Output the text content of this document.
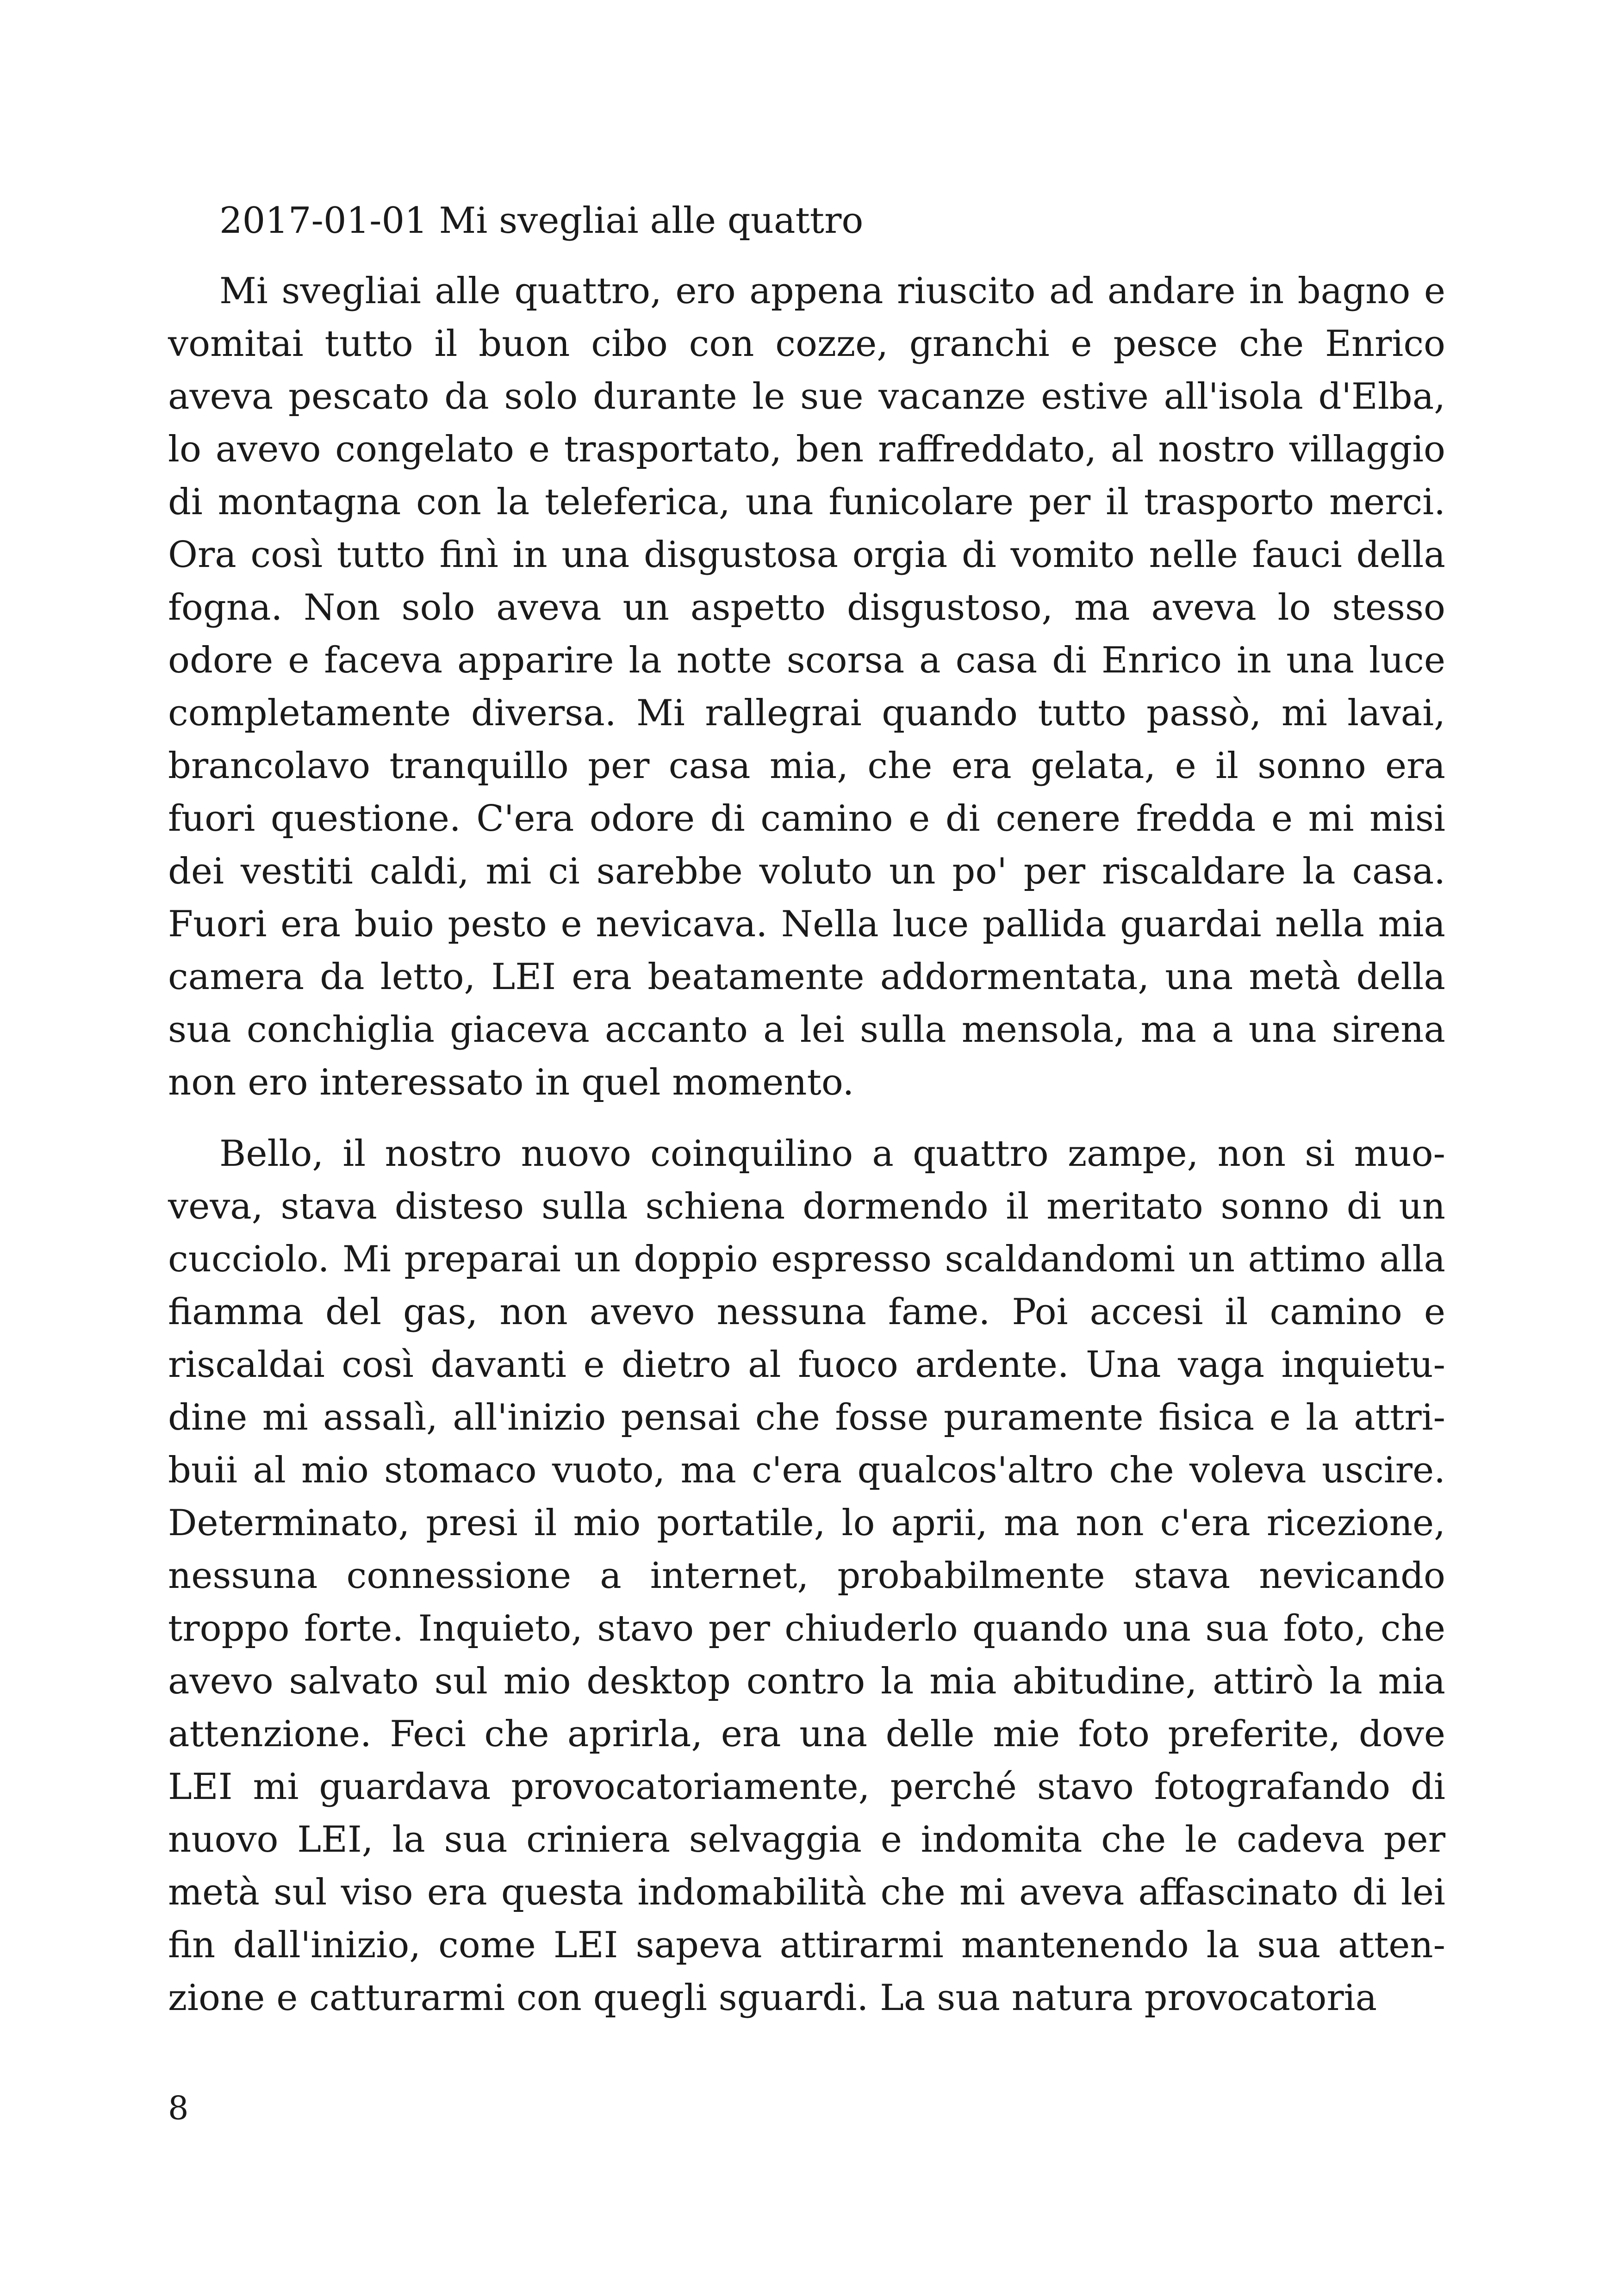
2017-01-01 Mi svegliai alle quattro

Mi svegliai alle quattro, ero appena riuscito ad andare in bagno e vomitai tutto il buon cibo con cozze, granchi e pesce che Enrico aveva pescato da solo durante le sue vacanze estive all'isola d'Elba, lo avevo congelato e trasportato, ben raffreddato, al nostro villaggio di montagna con la teleferica, una funicolare per il trasporto merci. Ora così tutto finì in una disgustosa orgia di vomito nelle fauci della fogna. Non solo aveva un aspetto disgustoso, ma aveva lo stesso odore e faceva apparire la notte scorsa a casa di Enrico in una luce completamente diversa. Mi rallegrai quando tutto passò, mi lavai, brancolavo tranquillo per casa mia, che era gelata, e il sonno era fuori questione. C'era odore di camino e di cenere fredda e mi misi dei vestiti caldi, mi ci sarebbe voluto un po' per riscaldare la casa. Fuori era buio pesto e nevicava. Nella luce pallida guardai nella mia camera da letto, LEI era beatamente addormentata, una metà della sua conchiglia giaceva accanto a lei sulla mensola, ma a una sirena non ero interessato in quel momento.

Bello, il nostro nuovo coinquilino a quattro zampe, non si muoveva, stava disteso sulla schiena dormendo il meritato sonno di un cucciolo. Mi preparai un doppio espresso scaldandomi un attimo alla fiamma del gas, non avevo nessuna fame. Poi accesi il camino e riscaldai così davanti e dietro al fuoco ardente. Una vaga inquietudine mi assalì, all'inizio pensai che fosse puramente fisica e la attribuii al mio stomaco vuoto, ma c'era qualcos'altro che voleva uscire. Determinato, presi il mio portatile, lo aprii, ma non c'era ricezione, nessuna connessione a internet, probabilmente stava nevicando troppo forte. Inquieto, stavo per chiuderlo quando una sua foto, che avevo salvato sul mio desktop contro la mia abitudine, attirò la mia attenzione. Feci che aprirla, era una delle mie foto preferite, dove LEI mi guardava provocatoriamente, perché stavo fotografando di nuovo LEI, la sua criniera selvaggia e indomita che le cadeva per metà sul viso era questa indomabilità che mi aveva affascinato di lei fin dall'inizio, come LEI sapeva attirarmi mantenendo la sua attenzione e catturarmi con quegli sguardi. La sua natura provocatoria

8
